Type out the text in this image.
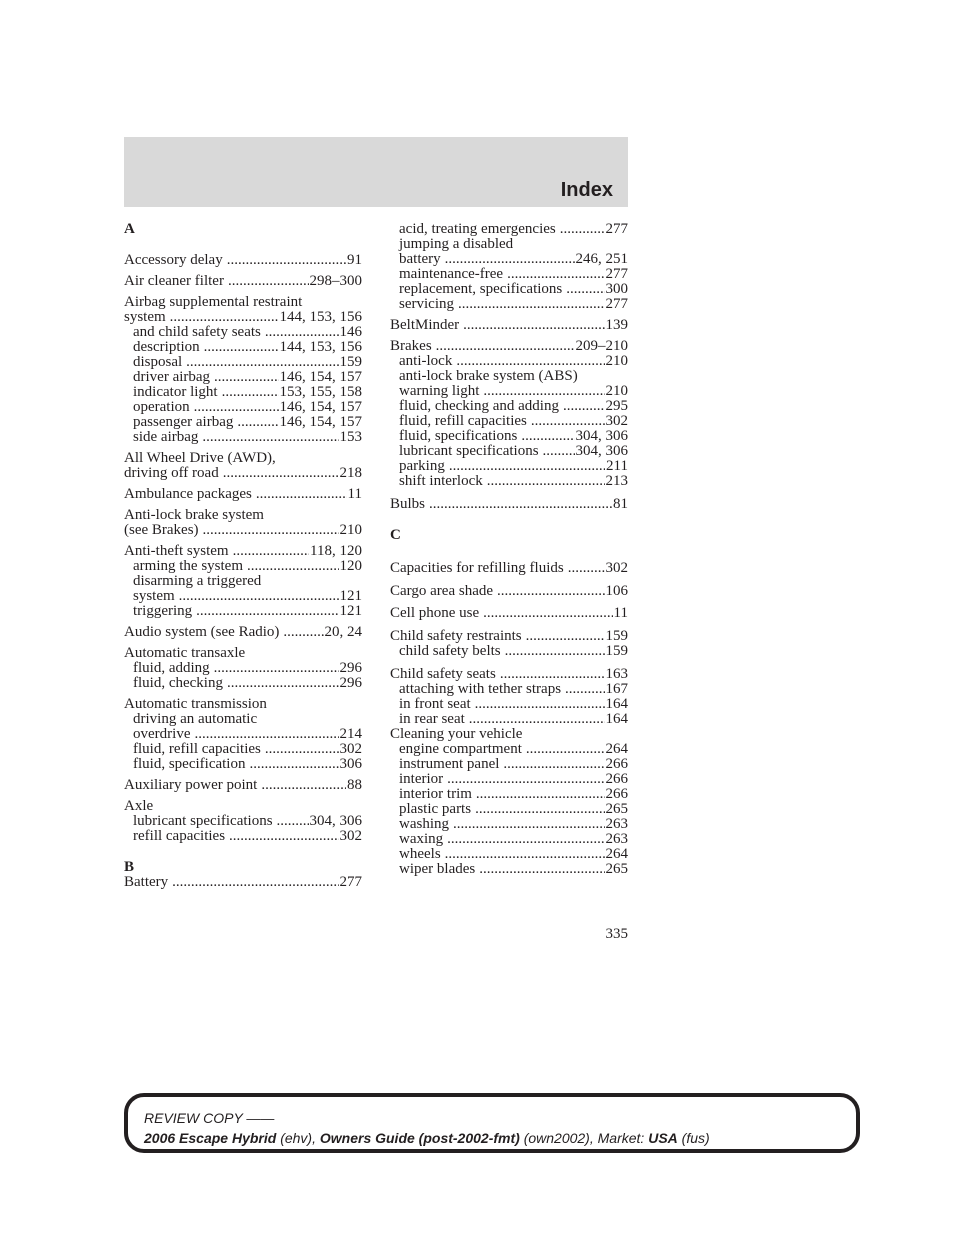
Index
A
Accessory delay .....	91
Air cleaner filter .....	298–300
Airbag supplemental restraint
system .....	144, 153, 156
and child safety seats .....	146
description .....	144, 153, 156
disposal .....	159
driver airbag .....	146, 154, 157
indicator light .....	153, 155, 158
operation .....	146, 154, 157
passenger airbag .....	146, 154, 157
side airbag .....	153
All Wheel Drive (AWD),
driving off road .....	218
Ambulance packages .....	11
Anti-lock brake system
(see Brakes) .....	210
Anti-theft system .....	118, 120
arming the system .....	120
disarming a triggered
system .....	121
triggering .....	121
Audio system (see Radio) .....	20, 24
Automatic transaxle
fluid, adding .....	296
fluid, checking .....	296
Automatic transmission
driving an automatic
overdrive .....	214
fluid, refill capacities .....	302
fluid, specification .....	306
Auxiliary power point .....	88
Axle
lubricant specifications ..... 304, 306
refill capacities .....	302
B
Battery .....	277
acid, treating emergencies .....	277
jumping a disabled
battery .....	246, 251
maintenance-free .....	277
replacement, specifications .....	300
servicing .....	277
BeltMinder .....	139
Brakes .....	209–210
anti-lock .....	210
anti-lock brake system (ABS)
warning light .....	210
fluid, checking and adding .....	295
fluid, refill capacities .....	302
fluid, specifications .....	304, 306
lubricant specifications ..... 304, 306
parking .....	211
shift interlock .....	213
Bulbs .....	81
C
Capacities for refilling fluids .....	302
Cargo area shade .....	106
Cell phone use .....	11
Child safety restraints .....	159
child safety belts .....	159
Child safety seats .....	163
attaching with tether straps .....	167
in front seat .....	164
in rear seat .....	164
Cleaning your vehicle
engine compartment .....	264
instrument panel .....	266
interior .....	266
interior trim .....	266
plastic parts .....	265
washing .....	263
waxing .....	263
wheels .....	264
wiper blades .....	265
335
REVIEW COPY ——
2006 Escape Hybrid (ehv), Owners Guide (post-2002-fmt) (own2002), Market: USA (fus)
